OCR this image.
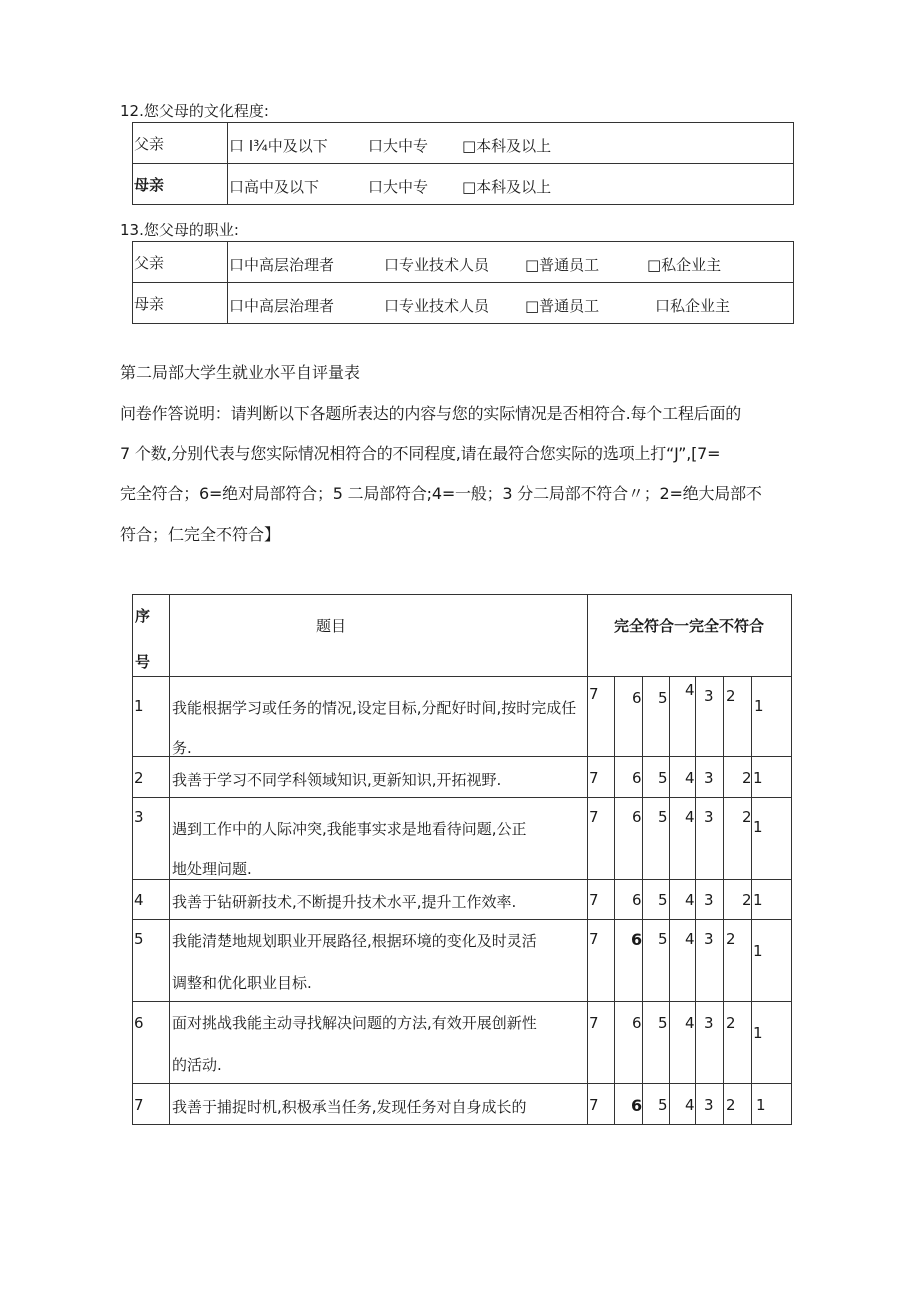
12.您父母的文化程度:
父亲	口 I¾中及以下 口大中专 □本科及以上

母亲	口高中及以下 口大中专 □本科及以上
13.您父母的职业:
父亲	口中高层治理者 口专业技术人员 □普通员工 □私企业主

母亲	口中高层治理者 口专业技术人员 □普通员工 口私企业主
第二局部大学生就业水平自评量表
问卷作答说明：请判断以下各题所表达的内容与您的实际情况是否相符合.每个工程后面的
7 个数,分别代表与您实际情况相符合的不同程度,请在最符合您实际的选项上打“J”,[7=
完全符合；6=绝对局部符合；5 二局部符合;4=一般；3 分二局部不符合〃；2=绝大局部不
符合；仁完全不符合】
序
号	题目	完全符合一完全不符合						

1	我能根据学习或任务的情况,设定目标,分配好时间,按时完成任
务.	7	6	5	4	3	2	1

2	我善于学习不同学科领域知识,更新知识,开拓视野.	7	6	5	4	3	2	1

3	遇到工作中的人际冲突,我能事实求是地看待问题,公正
地处理问题.	7	6	5	4	3	2	1

4	我善于钻研新技术,不断提升技术水平,提升工作效率.	7	6	5	4	3	2	1

5	我能清楚地规划职业开展路径,根据环境的变化及时灵活
调整和优化职业目标.	7	6	5	4	3	2	1

6	面对挑战我能主动寻找解决问题的方法,有效开展创新性
的活动.	7	6	5	4	3	2	1

7	我善于捕捉时机,积极承当任务,发现任务对自身成长的	7	6	5	4	3	2	1
